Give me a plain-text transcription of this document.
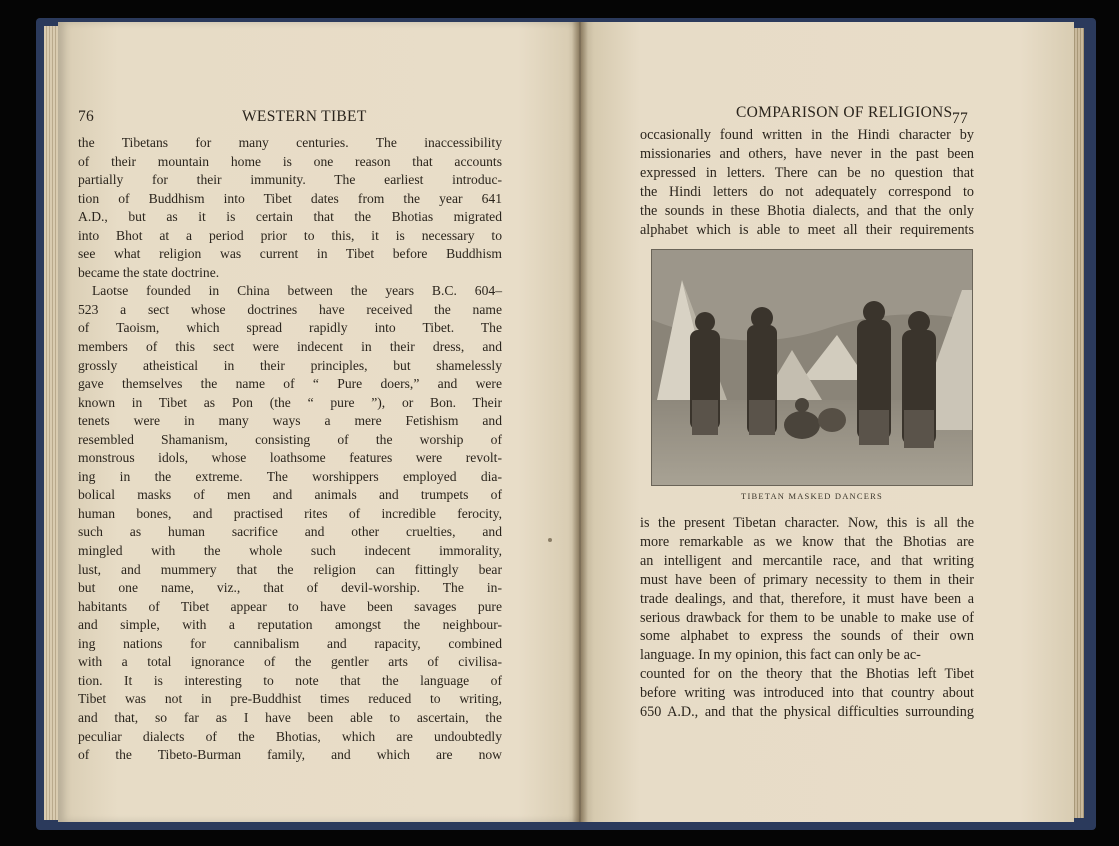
76	WESTERN TIBET

the Tibetans for many centuries. The inaccessibility

of their mountain home is one reason that accounts

partially for their immunity. The earliest introduc-

tion of Buddhism into Tibet dates from the year 641

A.D., but as it is certain that the Bhotias migrated

into Bhot at a period prior to this, it is necessary to

see what religion was current in Tibet before Buddhism

became the state doctrine.

Laotse founded in China between the years B.C. 604–

523 a sect whose doctrines have received the name

of Taoism, which spread rapidly into Tibet. The

members of this sect were indecent in their dress, and

grossly atheistical in their principles, but shamelessly

gave themselves the name of “ Pure doers,” and were

known in Tibet as Pon (the “ pure ”), or Bon. Their

tenets were in many ways a mere Fetishism and

resembled Shamanism, consisting of the worship of

monstrous idols, whose loathsome features were revolt-

ing in the extreme. The worshippers employed dia-

bolical masks of men and animals and trumpets of

human bones, and practised rites of incredible ferocity,

such as human sacrifice and other cruelties, and

mingled with the whole such indecent immorality,

lust, and mummery that the religion can fittingly bear

but one name, viz., that of devil-worship. The in-

habitants of Tibet appear to have been savages pure

and simple, with a reputation amongst the neighbour-

ing nations for cannibalism and rapacity, combined

with a total ignorance of the gentler arts of civilisa-

tion. It is interesting to note that the language of

Tibet was not in pre-Buddhist times reduced to writing,

and that, so far as I have been able to ascertain, the

peculiar dialects of the Bhotias, which are undoubtedly

of the Tibeto-Burman family, and which are now

COMPARISON OF RELIGIONS 77

occasionally found written in the Hindi character by

missionaries and others, have never in the past been

expressed in letters. There can be no question that

the Hindi letters do not adequately correspond to

the sounds in these Bhotia dialects, and that the only

alphabet which is able to meet all their requirements

TIBETAN MASKED DANCERS

is the present Tibetan character. Now, this is all the

more remarkable as we know that the Bhotias are

an intelligent and mercantile race, and that writing

must have been of primary necessity to them in their

trade dealings, and that, therefore, it must have been a

serious drawback for them to be unable to make use of

some alphabet to express the sounds of their own

language. In my opinion, this fact can only be ac-

counted for on the theory that the Bhotias left Tibet

before writing was introduced into that country about

650 A.D., and that the physical difficulties surrounding
